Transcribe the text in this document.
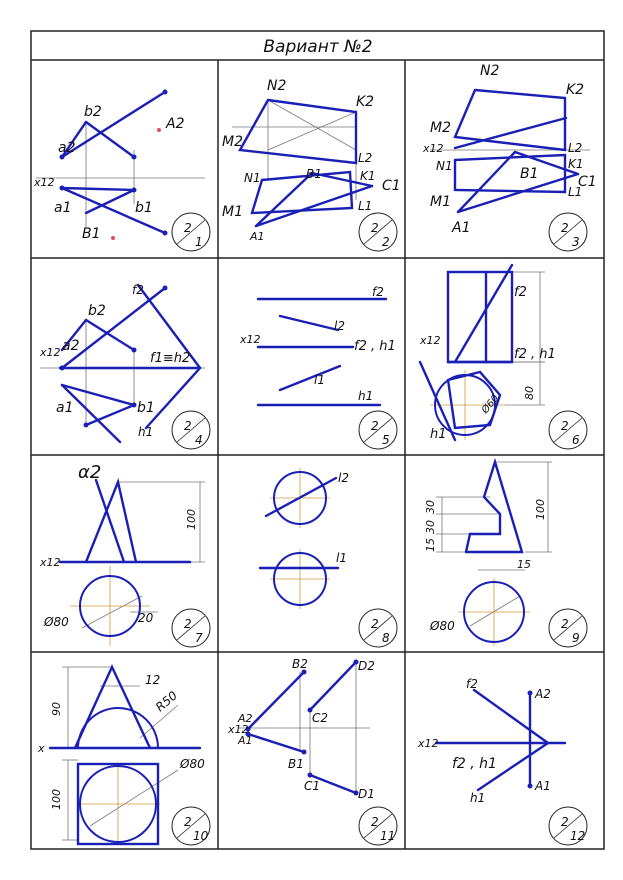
Вариант №2
b2
a2
x12
a1
B1
b1
A2
2
1
N2
K2
M2
L2
N1	B1	K1
C1
L1
M1
A1
2
2
N2
K2
M2
x12	L2
N1	K1
B1	C1
L1
M1
A1	2
3
f2
b2
x12 a2
f1≡h2
a1	b1
h1	2
4
f2
l2
x12	f2 , h1
l1
h1
2
5
f2
x12
f2 , h1
80
Ø60
h1
2
6
α2
100
x12
Ø80	20	2
7
l2
l1
2
8
30
30
15
100
15
Ø80	2
9
12
90	R50
x
Ø80
100
2
10
B2	D2
A2
x12
C2
A1
B1
C1
D1
2
11
f2
A2
x12
f2 , h1
A1
h1
2
12
